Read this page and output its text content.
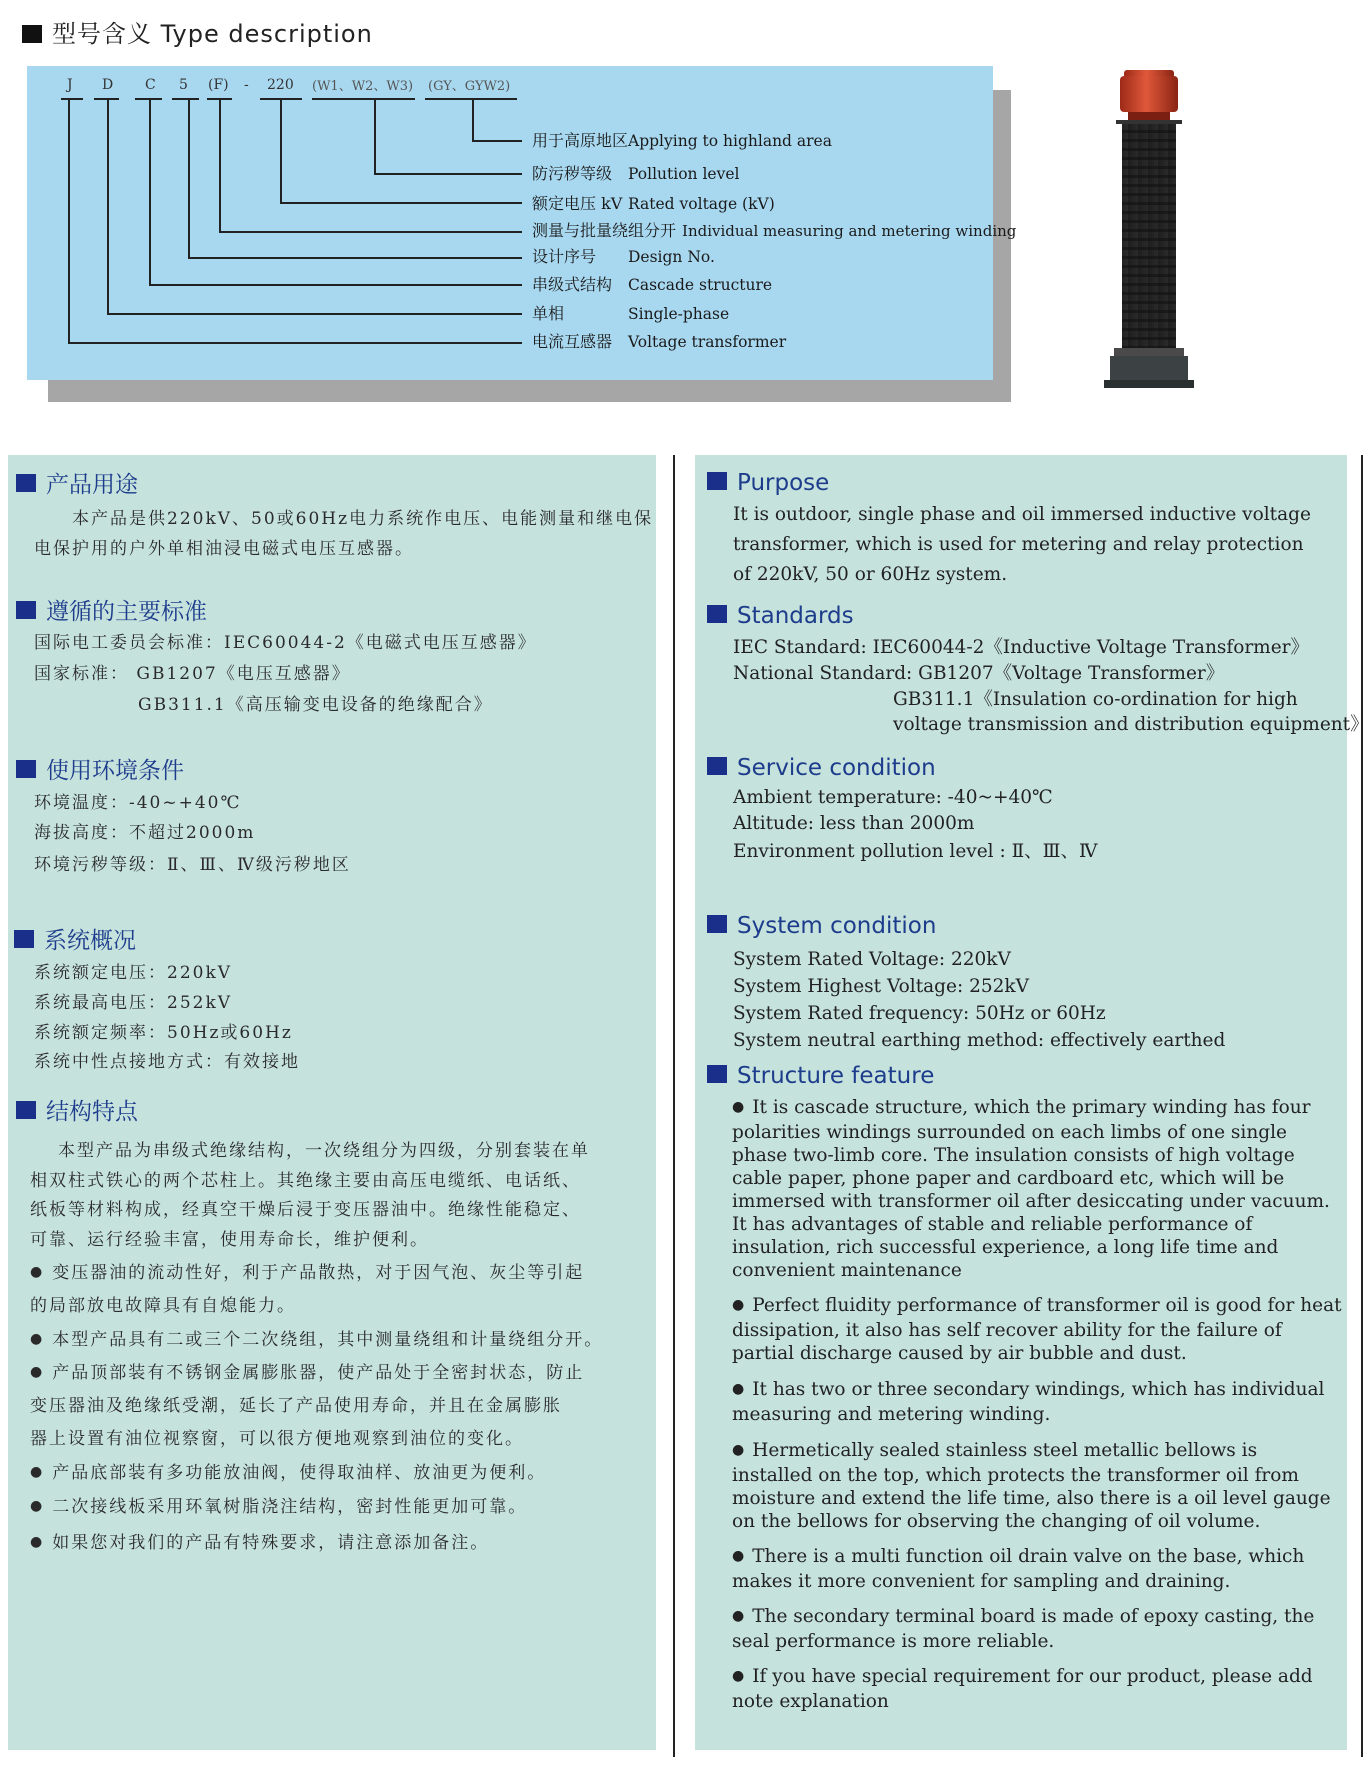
型号含义 Type description
J D C 5 (F) - 220 (W1、W2、W3) (GY、GYW2)
用于高原地区Applying to highland area
防污秽等级 Pollution level
额定电压 kV Rated voltage (kV)
测量与批量绕组分开 Individual measuring and metering winding
设计序号 Design No.
串级式结构 Cascade structure
单相	Single-phase
电流互感器 Voltage transformer
产品用途
本产品是供220kV、50或60Hz电力系统作电压、电能测量和继电保
电保护用的户外单相油浸电磁式电压互感器。
遵循的主要标准
国际电工委员会标准：IEC60044-2《电磁式电压互感器》
国家标准： GB1207《电压互感器》
GB311.1《高压输变电设备的绝缘配合》
使用环境条件
环境温度：-40~+40℃
海拔高度：不超过2000m
环境污秽等级：Ⅱ、Ⅲ、Ⅳ级污秽地区
系统概况
系统额定电压：220kV
系统最高电压：252kV
系统额定频率：50Hz或60Hz
系统中性点接地方式：有效接地
结构特点
本型产品为串级式绝缘结构，一次绕组分为四级，分别套装在单
相双柱式铁心的两个芯柱上。其绝缘主要由高压电缆纸、电话纸、
纸板等材料构成，经真空干燥后浸于变压器油中。绝缘性能稳定、
可靠、运行经验丰富，使用寿命长，维护便利。
● 变压器油的流动性好，利于产品散热，对于因气泡、灰尘等引起
的局部放电故障具有自熄能力。
● 本型产品具有二或三个二次绕组，其中测量绕组和计量绕组分开。
● 产品顶部装有不锈钢金属膨胀器，使产品处于全密封状态，防止
变压器油及绝缘纸受潮，延长了产品使用寿命，并且在金属膨胀
器上设置有油位视察窗，可以很方便地观察到油位的变化。
● 产品底部装有多功能放油阀，使得取油样、放油更为便利。
● 二次接线板采用环氧树脂浇注结构，密封性能更加可靠。
● 如果您对我们的产品有特殊要求，请注意添加备注。
Purpose
It is outdoor, single phase and oil immersed inductive voltage
transformer, which is used for metering and relay protection
of 220kV, 50 or 60Hz system.
Standards
IEC Standard: IEC60044-2《Inductive Voltage Transformer》
National Standard: GB1207《Voltage Transformer》
GB311.1《Insulation co-ordination for high
voltage transmission and distribution equipment》
Service condition
Ambient temperature: -40~+40℃
Altitude: less than 2000m
Environment pollution level : Ⅱ、Ⅲ、Ⅳ
System condition
System Rated Voltage: 220kV
System Highest Voltage: 252kV
System Rated frequency: 50Hz or 60Hz
System neutral earthing method: effectively earthed
Structure feature
● It is cascade structure, which the primary winding has four polarities windings surrounded on each limbs of one single phase two-limb core. The insulation consists of high voltage cable paper, phone paper and cardboard etc, which will be immersed with transformer oil after desiccating under vacuum. It has advantages of stable and reliable performance of insulation, rich successful experience, a long life time and convenient maintenance
● Perfect fluidity performance of transformer oil is good for heat dissipation, it also has self recover ability for the failure of partial discharge caused by air bubble and dust.
● It has two or three secondary windings, which has individual measuring and metering winding.
● Hermetically sealed stainless steel metallic bellows is installed on the top, which protects the transformer oil from moisture and extend the life time, also there is a oil level gauge on the bellows for observing the changing of oil volume.
● There is a multi function oil drain valve on the base, which makes it more convenient for sampling and draining.
● The secondary terminal board is made of epoxy casting, the seal performance is more reliable.
● If you have special requirement for our product, please add note explanation
